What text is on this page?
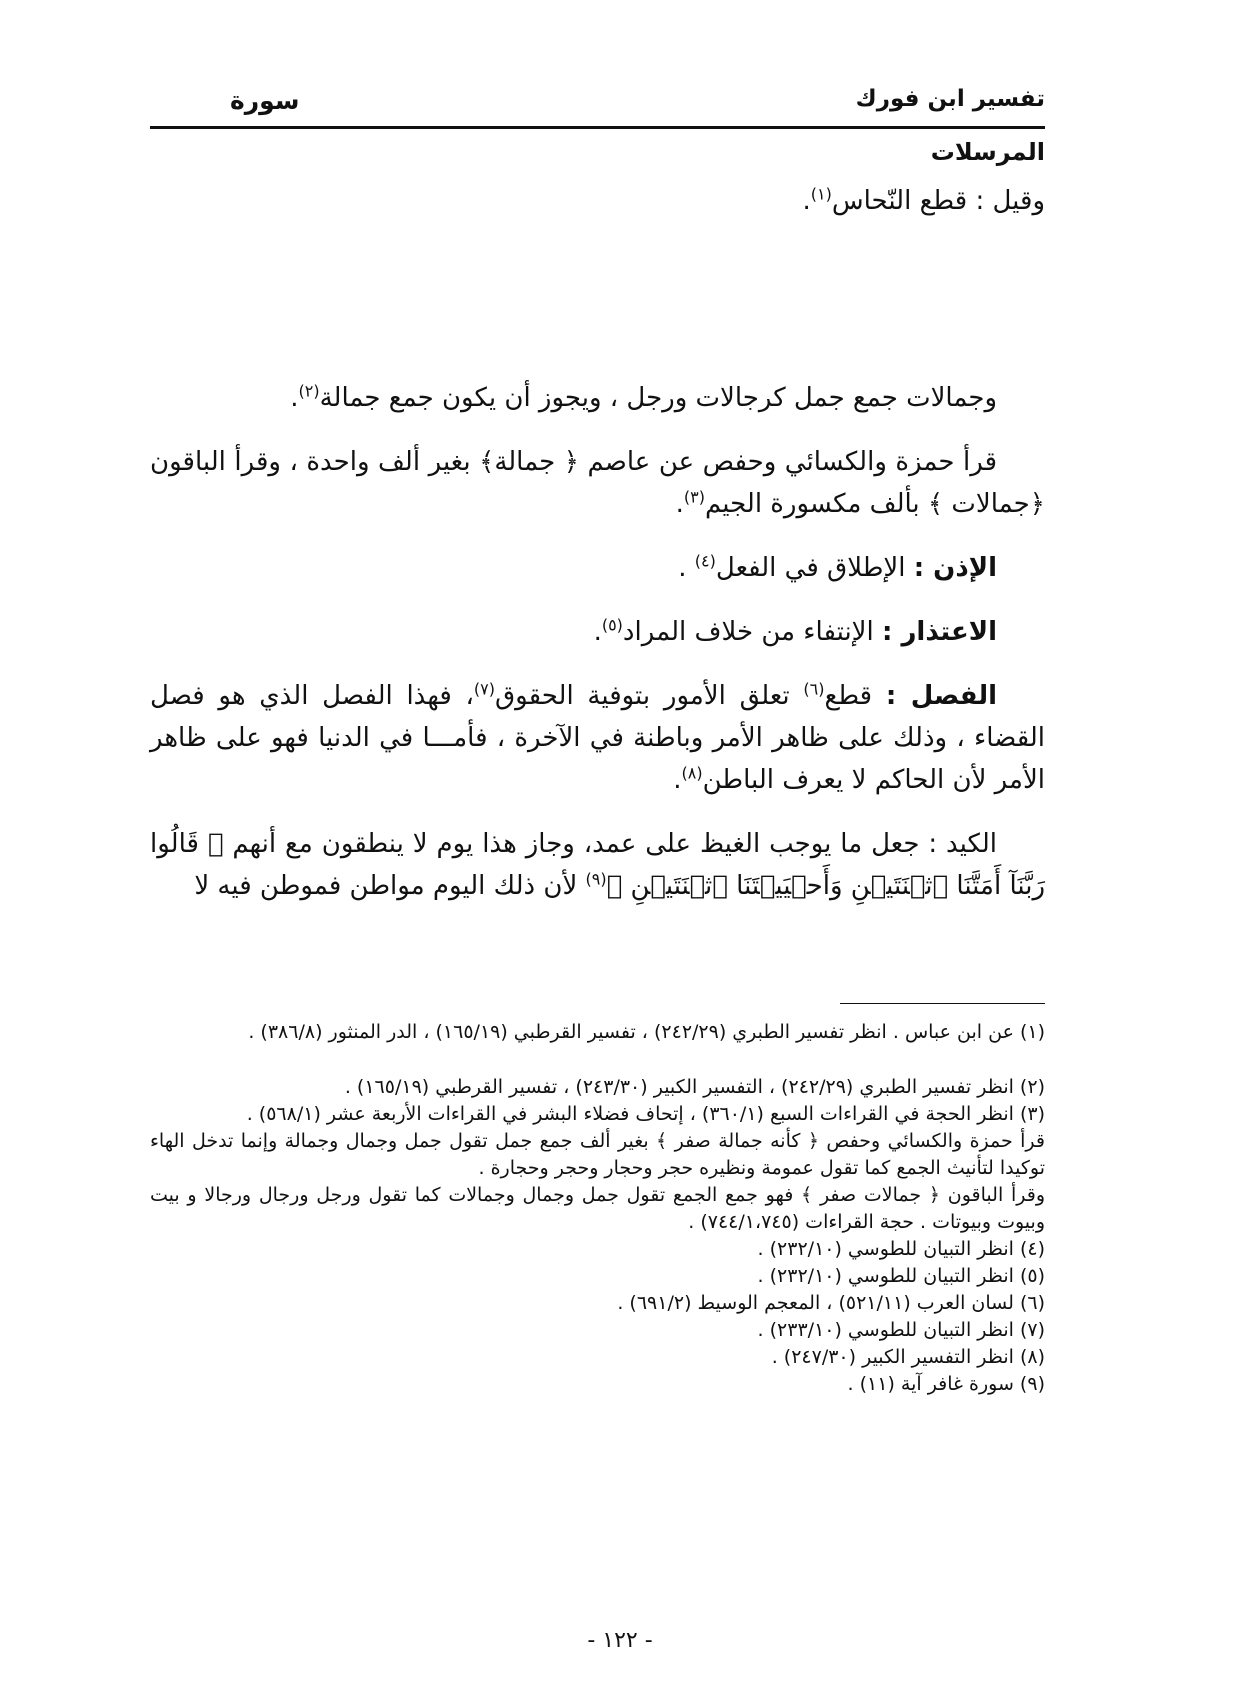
تفسير ابن فورك
سورة
المرسلات
وقيل : قطع النّحاس$^{(١)}$.

وجمالات جمع جمل كرجالات ورجل ، ويجوز أن يكون جمع جمالة$^{(٢)}$.

قرأ حمزة والكسائي وحفص عن عاصم ﴿ جمالة﴾ بغير ألف واحدة ، وقرأ الباقون ﴿جمالات ﴾ بألف مكسورة الجيم$^{(٣)}$.

الإذن : الإطلاق في الفعل$^{(٤)}$ .

الاعتذار : الإنتفاء من خلاف المراد$^{(٥)}$.

الفصل : قطع$^{(٦)}$ تعلق الأمور بتوفية الحقوق$^{(٧)}$، فهذا الفصل الذي هو فصل القضاء ، وذلك على ظاهر الأمر وباطنة في الآخرة ، فأمـــا في الدنيا فهو على ظاهر الأمر لأن الحاكم لا يعرف الباطن$^{(٨)}$.

الكيد : جعل ما يوجب الغيظ على عمد، وجاز هذا يوم لا ينطقون مع أنهم ﴿ قَالُوا رَبَّنَآ أَمَتَّنَا ٱثۡنَتَيۡنِ وَأَحۡيَيۡتَنَا ٱثۡنَتَيۡنِ ﴾$^{(٩)}$ لأن ذلك اليوم مواطن فموطن فيه لا

(١) عن ابن عباس . انظر تفسير الطبري (٢٤٢/٢٩) ، تفسير القرطبي (١٦٥/١٩) ، الدر المنثور (٣٨٦/٨) .

(٢) انظر تفسير الطبري (٢٤٢/٢٩) ، التفسير الكبير (٢٤٣/٣٠) ، تفسير القرطبي (١٦٥/١٩) .

(٣) انظر الحجة في القراءات السبع (٣٦٠/١) ، إتحاف فضلاء البشر في القراءات الأربعة عشر (٥٦٨/١) .

قرأ حمزة والكسائي وحفص ﴿ كأنه جمالة صفر ﴾ بغير ألف جمع جمل تقول جمل وجمال وجمالة وإنما تدخل الهاء توكيدا لتأنيث الجمع كما تقول عمومة ونظيره حجر وحجار وحجر وحجارة .

وقرأ الباقون ﴿ جمالات صفر ﴾ فهو جمع الجمع تقول جمل وجمال وجمالات كما تقول ورجل ورجال ورجالا و بيت وبيوت وبيوتات . حجة القراءات (٧٤٤/١،٧٤٥) .

(٤) انظر التبيان للطوسي (٢٣٢/١٠) .

(٥) انظر التبيان للطوسي (٢٣٢/١٠) .

(٦) لسان العرب (٥٢١/١١) ، المعجم الوسيط (٦٩١/٢) .

(٧) انظر التبيان للطوسي (٢٣٣/١٠) .

(٨) انظر التفسير الكبير (٢٤٧/٣٠) .

(٩) سورة غافر آية (١١) .

- ١٢٢ -
